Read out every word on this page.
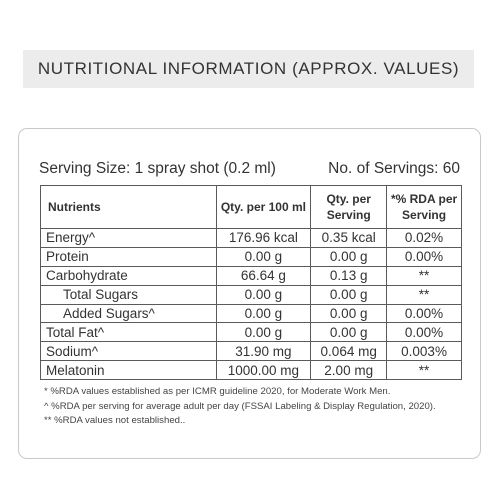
NUTRITIONAL INFORMATION (APPROX. VALUES)
Serving Size: 1 spray shot (0.2 ml)	No. of Servings: 60
Nutrients	Qty. per 100 ml	Qty. per Serving	*% RDA per Serving
Energy^	176.96 kcal	0.35 kcal	0.02%
Protein	0.00 g	0.00 g	0.00%
Carbohydrate	66.64 g	0.13 g	**
Total Sugars	0.00 g	0.00 g	**
Added Sugars^	0.00 g	0.00 g	0.00%
Total Fat^	0.00 g	0.00 g	0.00%
Sodium^	31.90 mg	0.064 mg	0.003%
Melatonin	1000.00 mg	2.00 mg	**
* %RDA values established as per ICMR guideline 2020, for Moderate Work Men.
^ %RDA per serving for average adult per day (FSSAI Labeling & Display Regulation, 2020).
** %RDA values not established..
